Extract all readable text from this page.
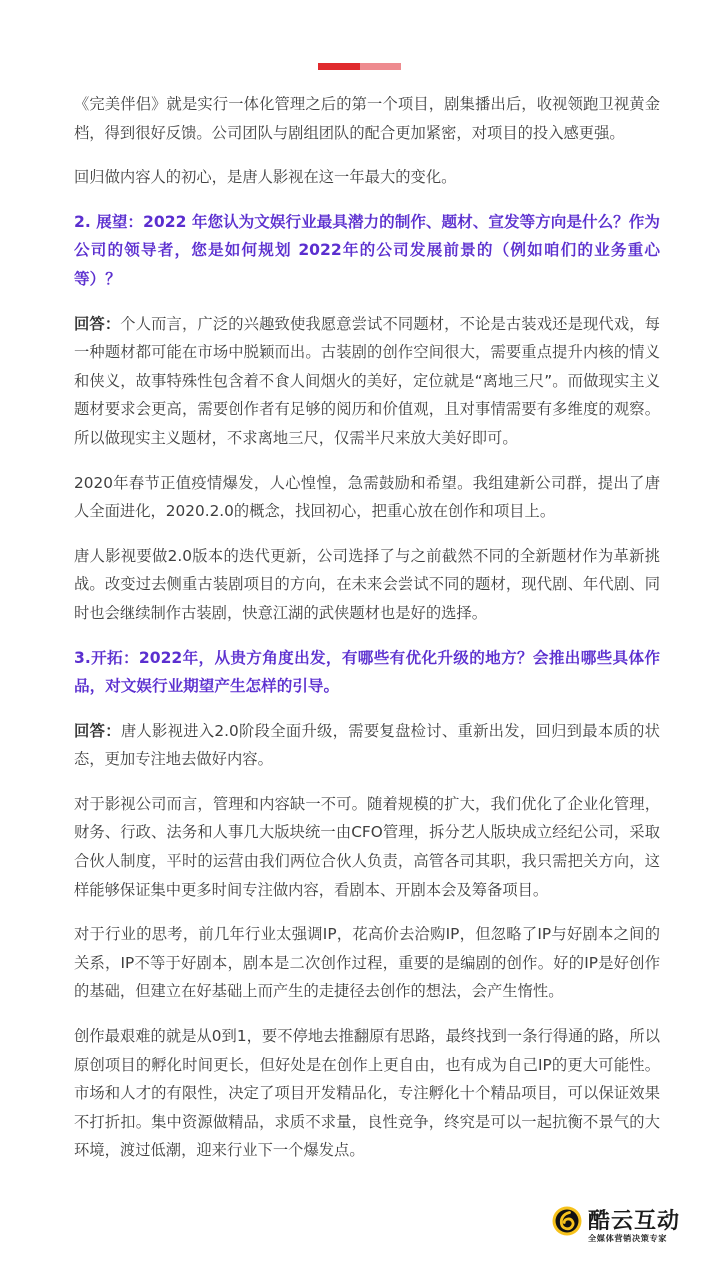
《完美伴侣》就是实行一体化管理之后的第一个项目，剧集播出后，收视领跑卫视黄金档，得到很好反馈。公司团队与剧组团队的配合更加紧密，对项目的投入感更强。

回归做内容人的初心，是唐人影视在这一年最大的变化。

2. 展望：2022 年您认为文娱行业最具潜力的制作、题材、宣发等方向是什么？作为公司的领导者，您是如何规划 2022年的公司发展前景的（例如咱们的业务重心等）？

回答：个人而言，广泛的兴趣致使我愿意尝试不同题材，不论是古装戏还是现代戏，每一种题材都可能在市场中脱颖而出。古装剧的创作空间很大，需要重点提升内核的情义和侠义，故事特殊性包含着不食人间烟火的美好，定位就是“离地三尺”。而做现实主义题材要求会更高，需要创作者有足够的阅历和价值观，且对事情需要有多维度的观察。所以做现实主义题材，不求离地三尺，仅需半尺来放大美好即可。

2020年春节正值疫情爆发，人心惶惶，急需鼓励和希望。我组建新公司群，提出了唐人全面进化，2020.2.0的概念，找回初心，把重心放在创作和项目上。

唐人影视要做2.0版本的迭代更新，公司选择了与之前截然不同的全新题材作为革新挑战。改变过去侧重古装剧项目的方向，在未来会尝试不同的题材，现代剧、年代剧、同时也会继续制作古装剧，快意江湖的武侠题材也是好的选择。

3.开拓：2022年，从贵方角度出发，有哪些有优化升级的地方？会推出哪些具体作品，对文娱行业期望产生怎样的引导。

回答：唐人影视进入2.0阶段全面升级，需要复盘检讨、重新出发，回归到最本质的状态，更加专注地去做好内容。

对于影视公司而言，管理和内容缺一不可。随着规模的扩大，我们优化了企业化管理，财务、行政、法务和人事几大版块统一由CFO管理，拆分艺人版块成立经纪公司，采取合伙人制度，平时的运营由我们两位合伙人负责，高管各司其职，我只需把关方向，这样能够保证集中更多时间专注做内容，看剧本、开剧本会及筹备项目。

对于行业的思考，前几年行业太强调IP，花高价去洽购IP，但忽略了IP与好剧本之间的关系，IP不等于好剧本，剧本是二次创作过程，重要的是编剧的创作。好的IP是好创作的基础，但建立在好基础上而产生的走捷径去创作的想法，会产生惰性。

创作最艰难的就是从0到1，要不停地去推翻原有思路，最终找到一条行得通的路，所以原创项目的孵化时间更长，但好处是在创作上更自由，也有成为自己IP的更大可能性。市场和人才的有限性，决定了项目开发精品化，专注孵化十个精品项目，可以保证效果不打折扣。集中资源做精品，求质不求量，良性竞争，终究是可以一起抗衡不景气的大环境，渡过低潮，迎来行业下一个爆发点。

酷云互动
全媒体营销决策专家
